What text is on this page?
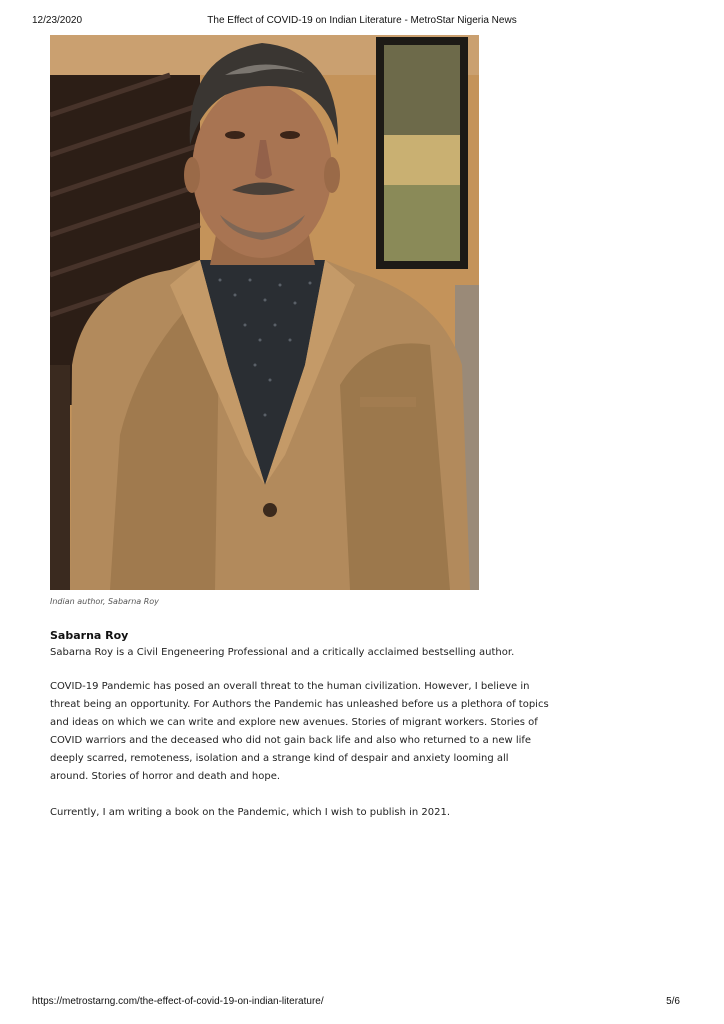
12/23/2020	The Effect of COVID-19 on Indian Literature - MetroStar Nigeria News
Indian author, Sabarna Roy
Sabarna Roy

Sabarna Roy is a Civil Engeneering Professional and a critically acclaimed bestselling author.

COVID-19 Pandemic has posed an overall threat to the human civilization. However, I believe in threat being an opportunity. For Authors the Pandemic has unleashed before us a plethora of topics and ideas on which we can write and explore new avenues. Stories of migrant workers. Stories of COVID warriors and the deceased who did not gain back life and also who returned to a new life deeply scarred, remoteness, isolation and a strange kind of despair and anxiety looming all around. Stories of horror and death and hope.

Currently, I am writing a book on the Pandemic, which I wish to publish in 2021.

https://metrostarng.com/the-effect-of-covid-19-on-indian-literature/	5/6
